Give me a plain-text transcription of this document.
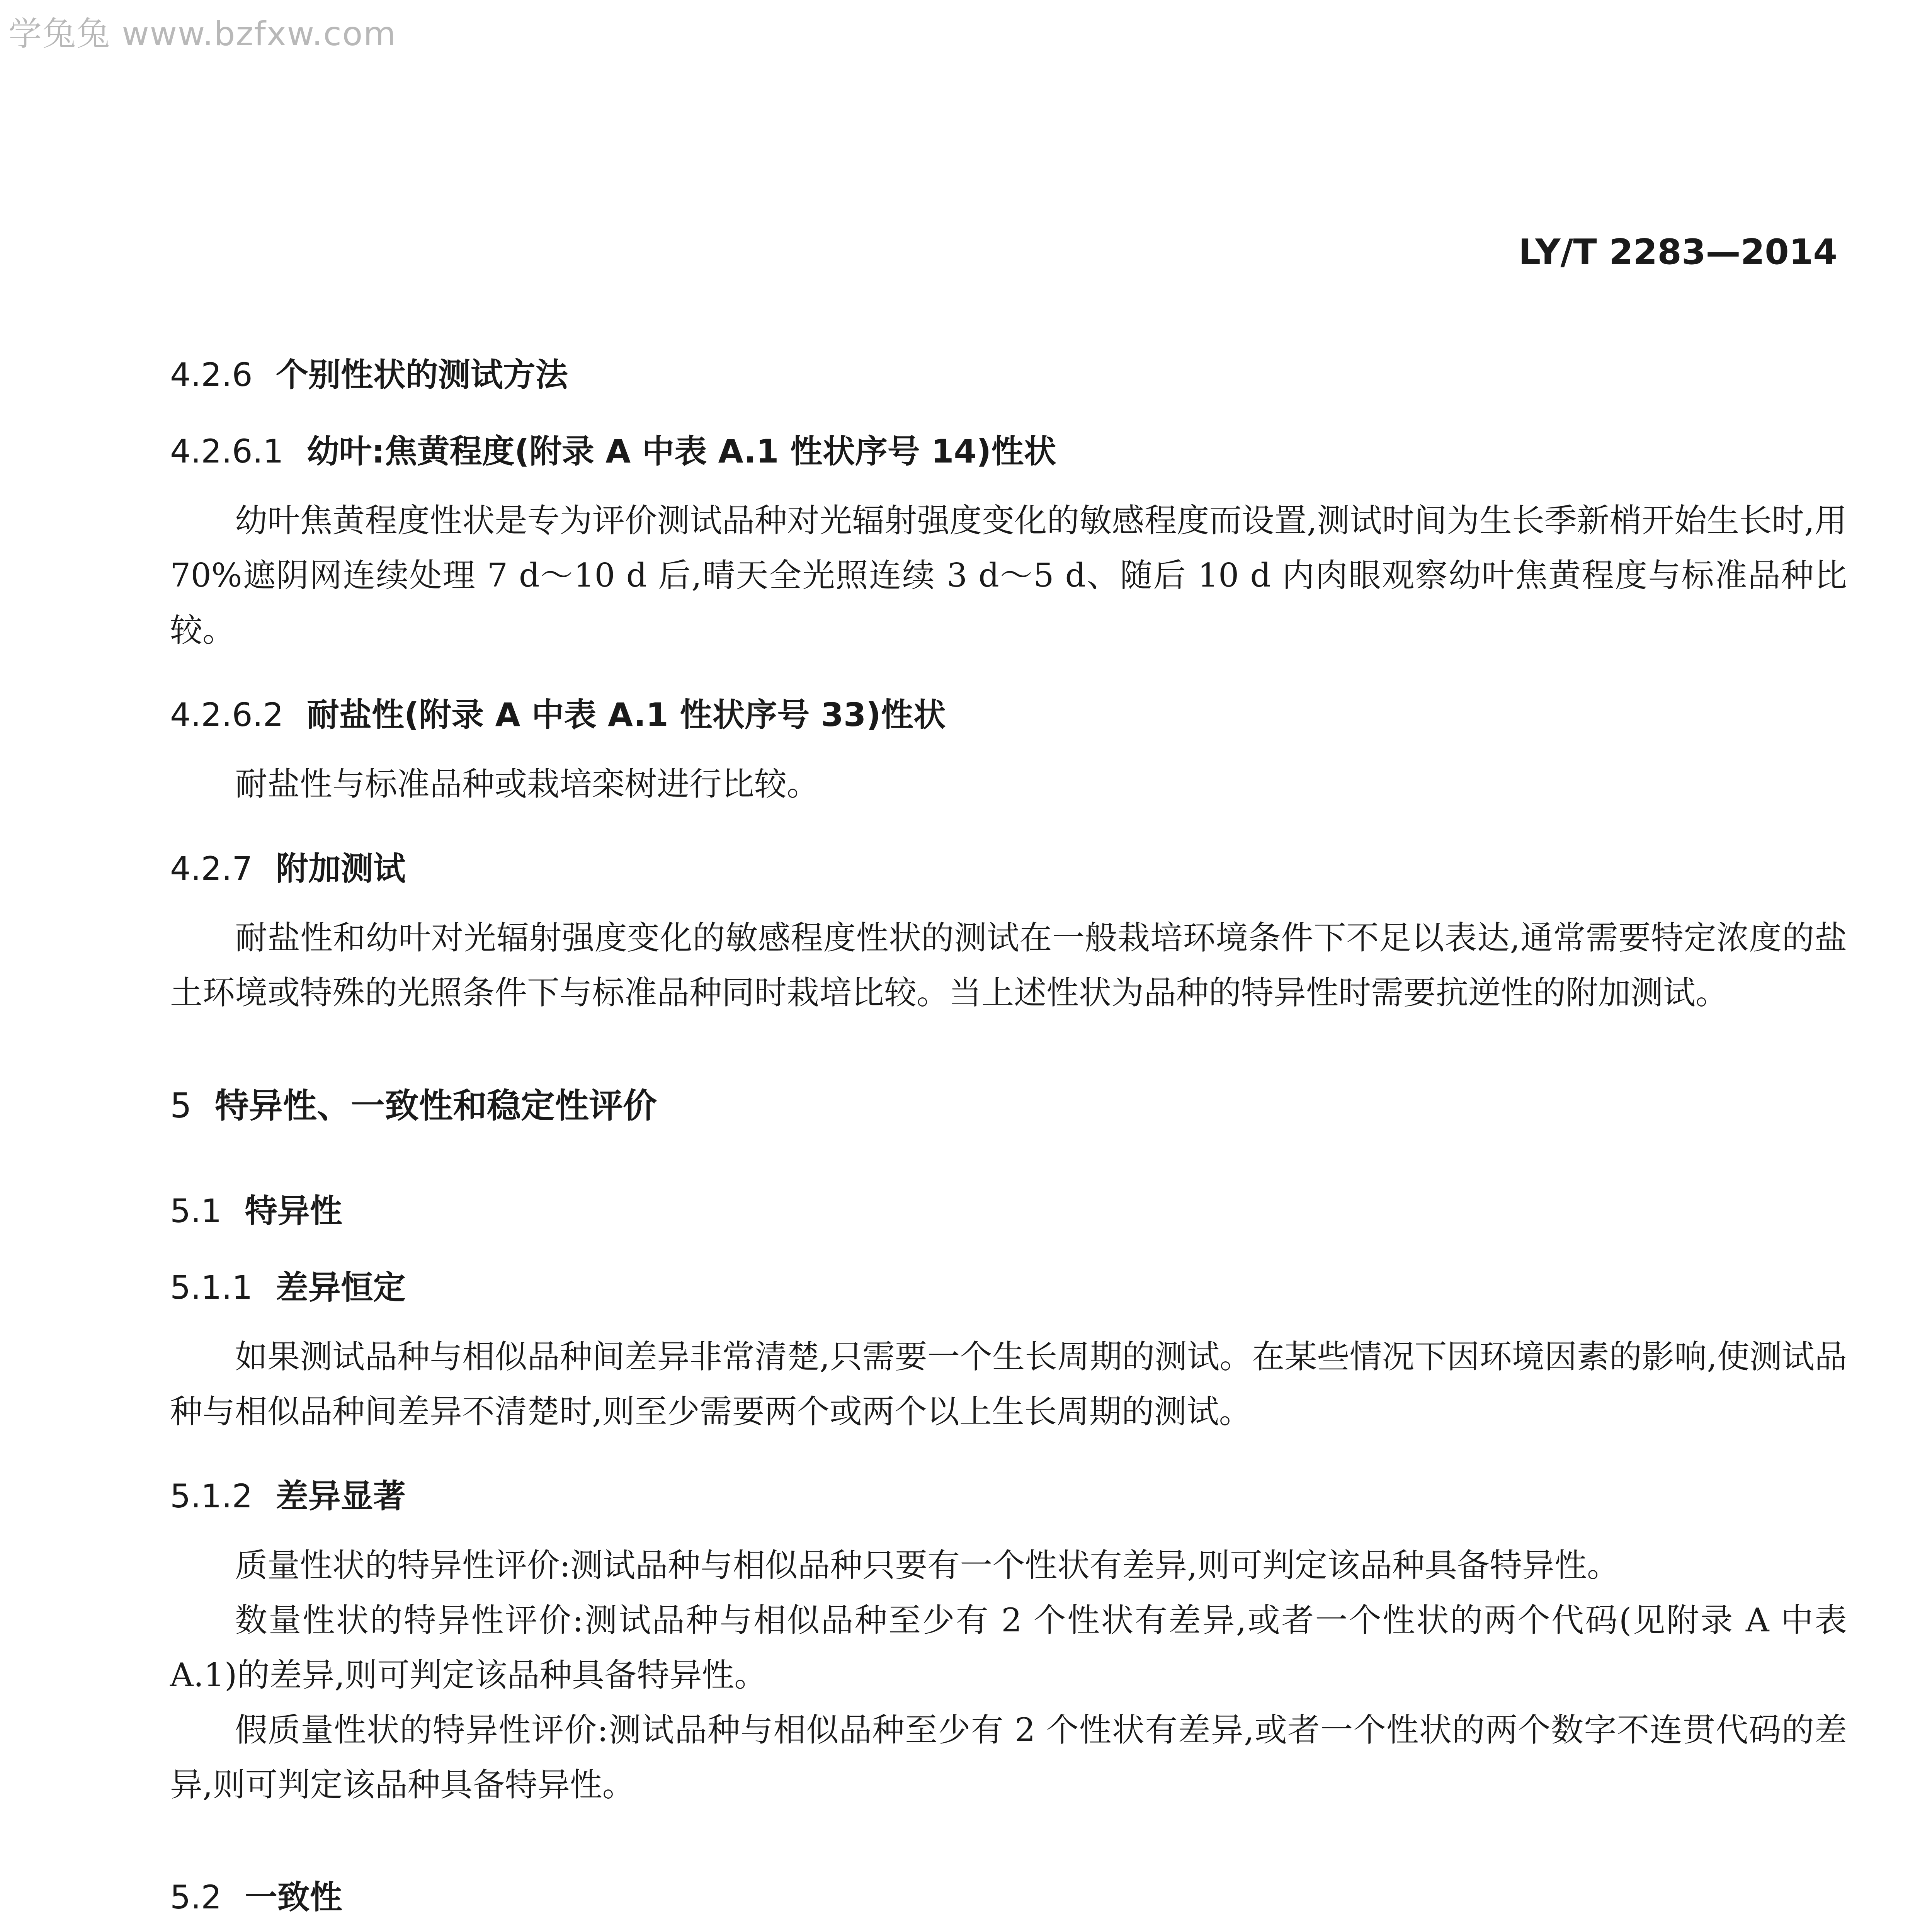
学兔兔 www.bzfxw.com
LY/T 2283—2014
4.2.6 个别性状的测试方法
4.2.6.1 幼叶:焦黄程度(附录 A 中表 A.1 性状序号 14)性状
幼叶焦黄程度性状是专为评价测试品种对光辐射强度变化的敏感程度而设置,测试时间为生长季新梢开始生长时,用 70%遮阴网连续处理 7 d～10 d 后,晴天全光照连续 3 d～5 d、随后 10 d 内肉眼观察幼叶焦黄程度与标准品种比较。
4.2.6.2 耐盐性(附录 A 中表 A.1 性状序号 33)性状
耐盐性与标准品种或栽培栾树进行比较。
4.2.7 附加测试
耐盐性和幼叶对光辐射强度变化的敏感程度性状的测试在一般栽培环境条件下不足以表达,通常需要特定浓度的盐土环境或特殊的光照条件下与标准品种同时栽培比较。当上述性状为品种的特异性时需要抗逆性的附加测试。
5 特异性、一致性和稳定性评价
5.1 特异性
5.1.1 差异恒定
如果测试品种与相似品种间差异非常清楚,只需要一个生长周期的测试。在某些情况下因环境因素的影响,使测试品种与相似品种间差异不清楚时,则至少需要两个或两个以上生长周期的测试。
5.1.2 差异显著
质量性状的特异性评价:测试品种与相似品种只要有一个性状有差异,则可判定该品种具备特异性。
数量性状的特异性评价:测试品种与相似品种至少有 2 个性状有差异,或者一个性状的两个代码(见附录 A 中表 A.1)的差异,则可判定该品种具备特异性。
假质量性状的特异性评价:测试品种与相似品种至少有 2 个性状有差异,或者一个性状的两个数字不连贯代码的差异,则可判定该品种具备特异性。
5.2 一致性
